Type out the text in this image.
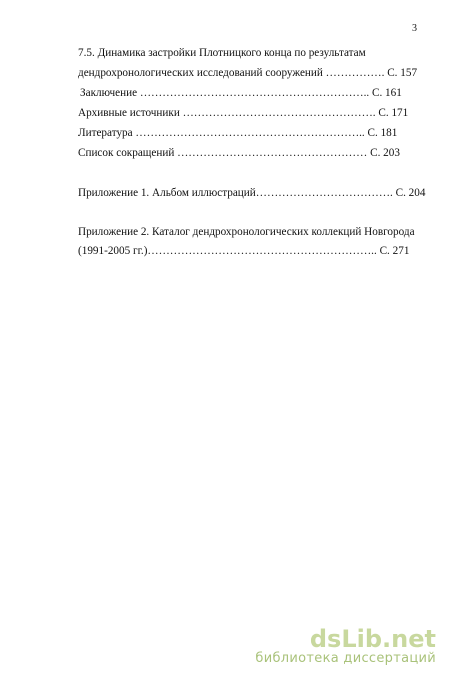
3
7.5. Динамика застройки Плотницкого конца по результатам
дендрохронологических исследований сооружений ……………. С. 157
Заключение …………………………………………………….. С. 161
Архивные источники ……………………………………………. С. 171
Литература …………………………………………………….. С. 181
Список сокращений …………………………………………… С. 203
Приложение 1. Альбом иллюстраций………………………………. С. 204
Приложение 2. Каталог дендрохронологических коллекций Новгорода
(1991-2005 гг.)…………………………………………………….. С. 271
dsLib.net
библиотека диссертаций
